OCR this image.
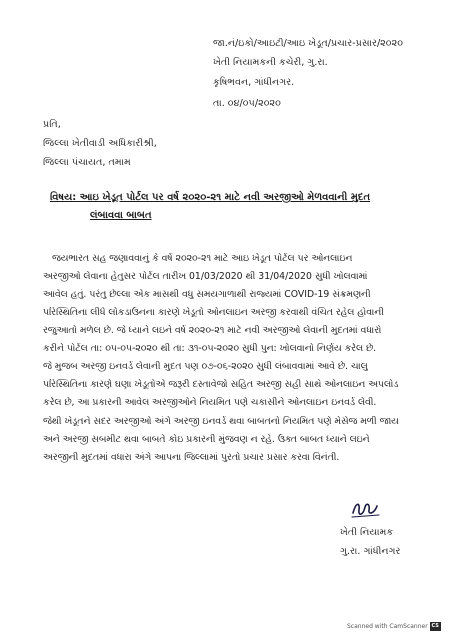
જા.નં/ઇકો/આઇટી/આઇ ખેડૂત/પ્રચાર-પ્રસાર/૨૦૨૦
ખેતી નિયામકની કચેરી, ગુ.રા.
કૃષિભવન, ગાંધીનગર.
તા. ૦૪/૦૫/૨૦૨૦
પ્રતિ,
જિલ્લા ખેતીવાડી અધિકારીશ્રી,
જિલ્લા પંચાયત, તમામ
વિષય: આઇ ખેડૂત પોર્ટલ પર વર્ષ ૨૦૨૦-૨૧ માટે નવી અરજીઓ મેળવવાની મુદત
લંબાવવા બાબત
જયભારત સહ જણાવવાનું કે વર્ષ ૨૦૨૦-૨૧ માટે આઇ ખેડૂત પોર્ટલ પર ઓનલાઇન
અરજીઓ લેવાના હેતુસર પોર્ટલ તારીખ 01/03/2020 થી 31/04/2020 સુધી ખોલવામાં
આવેલ હતું. પરંતુ છેલ્લા એક માસથી વધુ સમયગાળાથી રાજ્યમાં COVID-19 સંક્રમણની
પરિસ્થિતિના લીધે લોકડાઉનના કારણે ખેડૂતો ઓનલાઇન અરજી કરવાથી વંચિત રહેલ હોવાની
રજુઆતો મળેલ છે. જે ધ્યાને લઇને વર્ષ ૨૦૨૦-૨૧ માટે નવી અરજીઓ લેવાની મુદતમાં વધારો
કરીને પોર્ટલ તા: ૦૫-૦૫-૨૦૨૦ થી તા: ૩૧-૦૫-૨૦૨૦ સુધી પુન: ખોલવાનો નિર્ણય કરેલ છે.
જે મુજબ અરજી ઇનવર્ડ લેવાની મુદત પણ ૦૭-૦૬-૨૦૨૦ સુધી લંબાવવામાં આવે છે. ચાલુ
પરિસ્થિતિના કારણે ઘણા ખેડૂતોએ જરૂરી દસ્તાવેજો સહિત અરજી સહી સાથે ઓનલાઇન અપલોડ
કરેલ છે, આ પ્રકારની આવેલ અરજીઓને નિયમિત પણે ચકાસીને ઓનલાઇન ઇનવર્ડ લેવી.
જેથી ખેડૂતને સદર અરજીઓ અંગે અરજી ઇનવર્ડ થવા બાબતનો નિયમિત પણે મેસેજ મળી જાય
અને અરજી સબમીટ થવા બાબતે કોઇ પ્રકારની મુંજવણ ન રહે. ઉક્ત બાબત ધ્યાને લઇને
અરજીની મુદતમાં વધારા અંગે આપના જિલ્લામાં પુરતો પ્રચાર પ્રસાર કરવા વિનંતી.
ખેતી નિયામક
ગુ.રા. ગાંધીનગર
Scanned with CamScanner CS
